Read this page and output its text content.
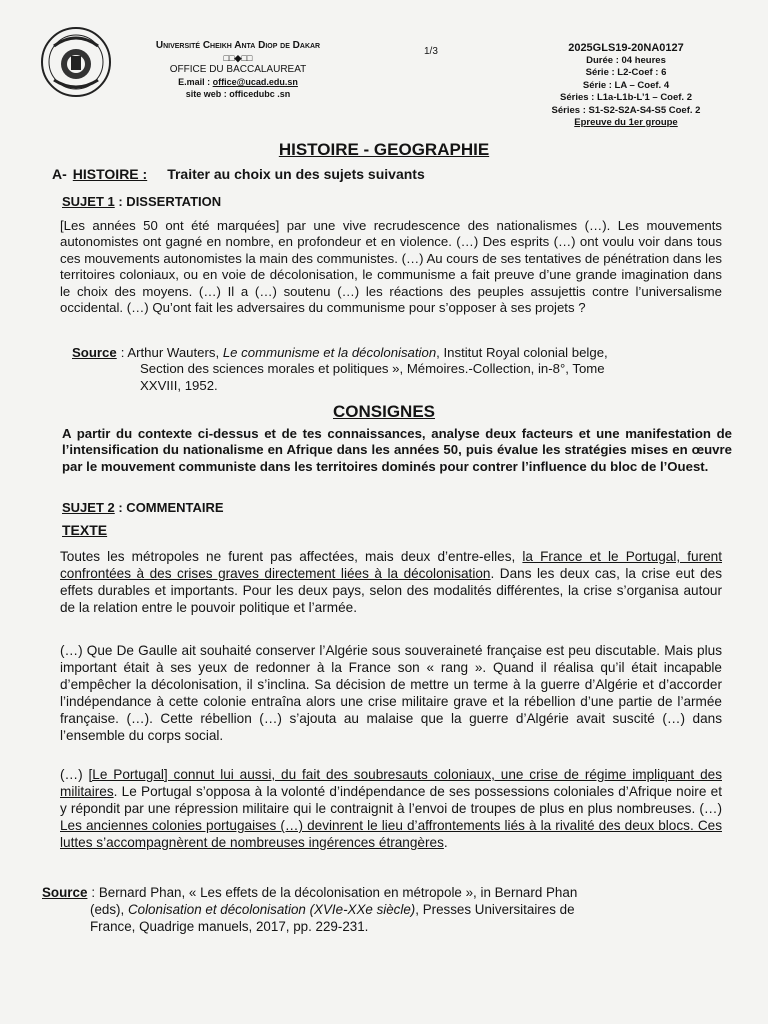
Université Cheikh Anta Diop de Dakar
□□◆□□
OFFICE DU BACCALAUREAT
E.mail : office@ucad.edu.sn
site web : officedubc .sn
1/3	2025GLS19-20NA0127
Durée : 04 heures
Série : L2-Coef : 6
Série : LA – Coef. 4
Séries : L1a-L1b-L’1 – Coef. 2
Séries : S1-S2-S2A-S4-S5 Coef. 2
Epreuve du 1er groupe
HISTOIRE - GEOGRAPHIE
A- HISTOIRE : Traiter au choix un des sujets suivants
SUJET 1 : DISSERTATION
[Les années 50 ont été marquées] par une vive recrudescence des nationalismes (…). Les mouvements autonomistes ont gagné en nombre, en profondeur et en violence. (…) Des esprits (…) ont voulu voir dans tous ces mouvements autonomistes la main des communistes. (…) Au cours de ses tentatives de pénétration dans les territoires coloniaux, ou en voie de décolonisation, le communisme a fait preuve d’une grande imagination dans le choix des moyens. (…) Il a (…) soutenu (…) les réactions des peuples assujettis contre l’universalisme occidental. (…) Qu’ont fait les adversaires du communisme pour s’opposer à ses projets ?
Source : Arthur Wauters, Le communisme et la décolonisation, Institut Royal colonial belge,
Section des sciences morales et politiques », Mémoires.-Collection, in-8°, Tome
XXVIII, 1952.
CONSIGNES
A partir du contexte ci-dessus et de tes connaissances, analyse deux facteurs et une manifestation de l’intensification du nationalisme en Afrique dans les années 50, puis évalue les stratégies mises en œuvre par le mouvement communiste dans les territoires dominés pour contrer l’influence du bloc de l’Ouest.
SUJET 2 : COMMENTAIRE
TEXTE
Toutes les métropoles ne furent pas affectées, mais deux d’entre-elles, la France et le Portugal, furent confrontées à des crises graves directement liées à la décolonisation. Dans les deux cas, la crise eut des effets durables et importants. Pour les deux pays, selon des modalités différentes, la crise s’organisa autour de la relation entre le pouvoir politique et l’armée.
(…) Que De Gaulle ait souhaité conserver l’Algérie sous souveraineté française est peu discutable. Mais plus important était à ses yeux de redonner à la France son « rang ». Quand il réalisa qu’il était incapable d’empêcher la décolonisation, il s’inclina. Sa décision de mettre un terme à la guerre d’Algérie et d’accorder l’indépendance à cette colonie entraîna alors une crise militaire grave et la rébellion d’une partie de l’armée française. (…). Cette rébellion (…) s’ajouta au malaise que la guerre d’Algérie avait suscité (…) dans l’ensemble du corps social.
(…) [Le Portugal] connut lui aussi, du fait des soubresauts coloniaux, une crise de régime impliquant des militaires. Le Portugal s’opposa à la volonté d’indépendance de ses possessions coloniales d’Afrique noire et y répondit par une répression militaire qui le contraignit à l’envoi de troupes de plus en plus nombreuses. (…) Les anciennes colonies portugaises (…) devinrent le lieu d’affrontements liés à la rivalité des deux blocs. Ces luttes s’accompagnèrent de nombreuses ingérences étrangères.
Source : Bernard Phan, « Les effets de la décolonisation en métropole », in Bernard Phan
(eds), Colonisation et décolonisation (XVIe-XXe siècle), Presses Universitaires de
France, Quadrige manuels, 2017, pp. 229-231.
